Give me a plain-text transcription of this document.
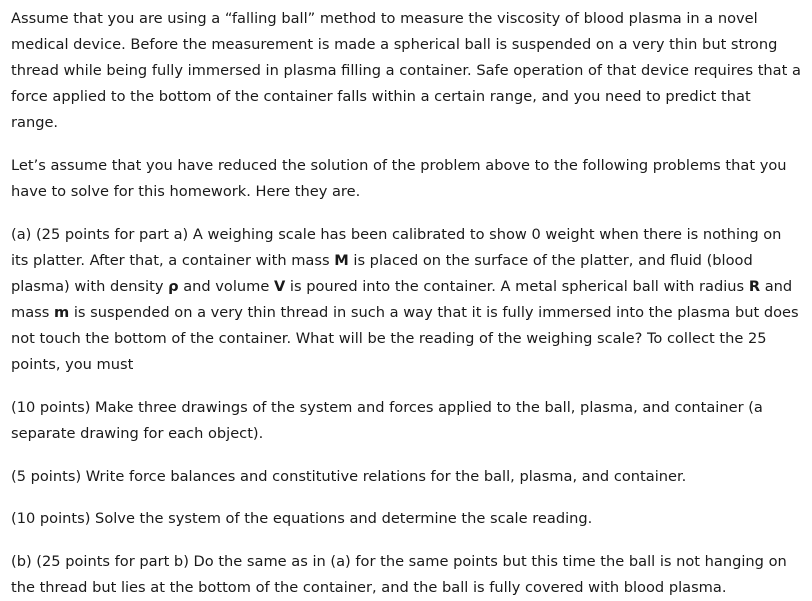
Assume that you are using a “falling ball” method to measure the viscosity of blood plasma in a novel medical device. Before the measurement is made a spherical ball is suspended on a very thin but strong thread while being fully immersed in plasma filling a container. Safe operation of that device requires that a force applied to the bottom of the container falls within a certain range, and you need to predict that range.

Let’s assume that you have reduced the solution of the problem above to the following problems that you have to solve for this homework. Here they are.

(a) (25 points for part a) A weighing scale has been calibrated to show 0 weight when there is nothing on its platter. After that, a container with mass M is placed on the surface of the platter, and fluid (blood plasma) with density ρ and volume V is poured into the container. A metal spherical ball with radius R and mass m is suspended on a very thin thread in such a way that it is fully immersed into the plasma but does not touch the bottom of the container. What will be the reading of the weighing scale? To collect the 25 points, you must

(10 points) Make three drawings of the system and forces applied to the ball, plasma, and container (a separate drawing for each object).

(5 points) Write force balances and constitutive relations for the ball, plasma, and container.

(10 points) Solve the system of the equations and determine the scale reading.

(b) (25 points for part b) Do the same as in (a) for the same points but this time the ball is not hanging on the thread but lies at the bottom of the container, and the ball is fully covered with blood plasma.
